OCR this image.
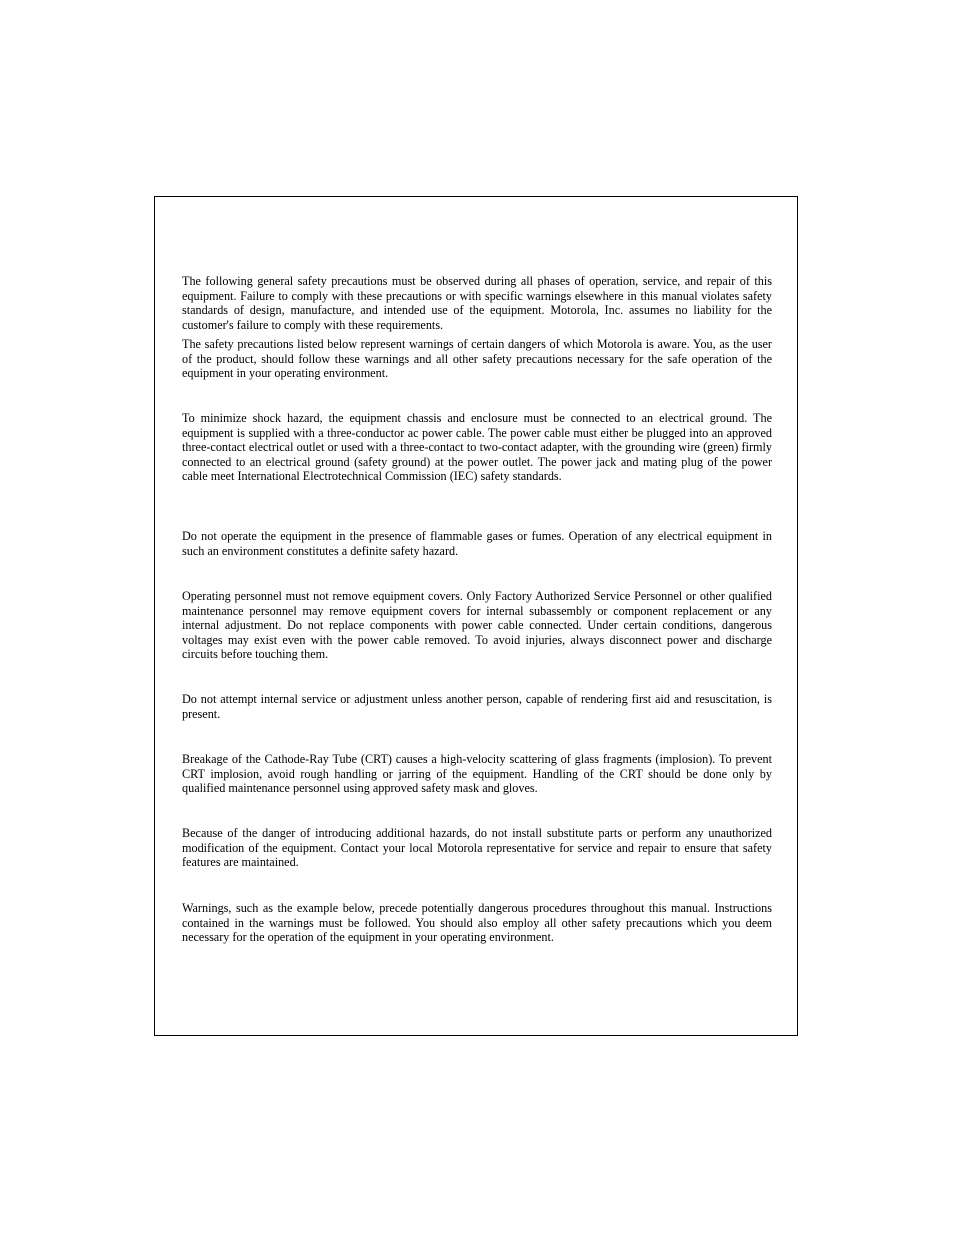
The following general safety precautions must be observed during all phases of operation, service, and repair of this equipment. Failure to comply with these precautions or with specific warnings elsewhere in this manual violates safety standards of design, manufacture, and intended use of the equipment. Motorola, Inc. assumes no liability for the customer's failure to comply with these requirements.

The safety precautions listed below represent warnings of certain dangers of which Motorola is aware. You, as the user of the product, should follow these warnings and all other safety precautions necessary for the safe operation of the equipment in your operating environment.

To minimize shock hazard, the equipment chassis and enclosure must be connected to an electrical ground. The equipment is supplied with a three-conductor ac power cable. The power cable must either be plugged into an approved three-contact electrical outlet or used with a three-contact to two-contact adapter, with the grounding wire (green) firmly connected to an electrical ground (safety ground) at the power outlet. The power jack and mating plug of the power cable meet International Electrotechnical Commission (IEC) safety standards.

Do not operate the equipment in the presence of flammable gases or fumes. Operation of any electrical equipment in such an environment constitutes a definite safety hazard.

Operating personnel must not remove equipment covers. Only Factory Authorized Service Personnel or other qualified maintenance personnel may remove equipment covers for internal subassembly or component replacement or any internal adjustment. Do not replace components with power cable connected. Under certain conditions, dangerous voltages may exist even with the power cable removed. To avoid injuries, always disconnect power and discharge circuits before touching them.

Do not attempt internal service or adjustment unless another person, capable of rendering first aid and resuscitation, is present.

Breakage of the Cathode-Ray Tube (CRT) causes a high-velocity scattering of glass fragments (implosion). To prevent CRT implosion, avoid rough handling or jarring of the equipment. Handling of the CRT should be done only by qualified maintenance personnel using approved safety mask and gloves.

Because of the danger of introducing additional hazards, do not install substitute parts or perform any unauthorized modification of the equipment. Contact your local Motorola representative for service and repair to ensure that safety features are maintained.

Warnings, such as the example below, precede potentially dangerous procedures throughout this manual. Instructions contained in the warnings must be followed. You should also employ all other safety precautions which you deem necessary for the operation of the equipment in your operating environment.
